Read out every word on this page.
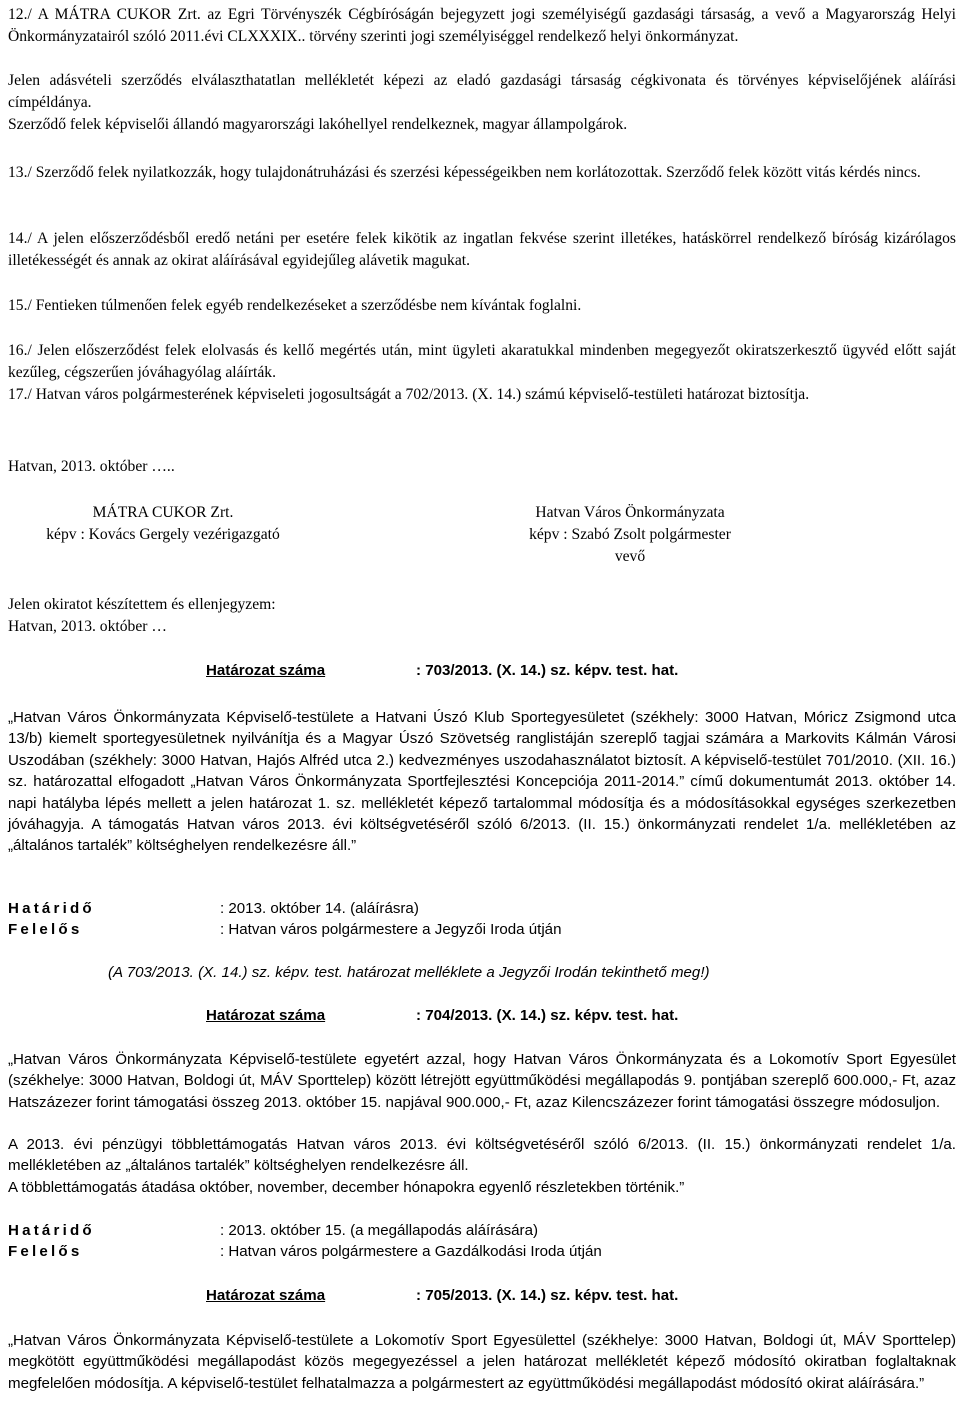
12./ A MÁTRA CUKOR Zrt. az Egri Törvényszék Cégbíróságán bejegyzett jogi személyiségű gazdasági társaság, a vevő a Magyarország Helyi Önkormányzatairól szóló 2011.évi CLXXXIX.. törvény szerinti jogi személyiséggel rendelkező helyi önkormányzat.

Jelen adásvételi szerződés elválaszthatatlan mellékletét képezi az eladó gazdasági társaság cégkivonata és törvényes képviselőjének aláírási címpéldánya.

Szerződő felek képviselői állandó magyarországi lakóhellyel rendelkeznek, magyar állampolgárok.

13./ Szerződő felek nyilatkozzák, hogy tulajdonátruházási és szerzési képességeikben nem korlátozottak. Szerződő felek között vitás kérdés nincs.

14./ A jelen előszerződésből eredő netáni per esetére felek kikötik az ingatlan fekvése szerint illetékes, hatáskörrel rendelkező bíróság kizárólagos illetékességét és annak az okirat aláírásával egyidejűleg alávetik magukat.

15./ Fentieken túlmenően felek egyéb rendelkezéseket a szerződésbe nem kívántak foglalni.

16./ Jelen előszerződést felek elolvasás és kellő megértés után, mint ügyleti akaratukkal mindenben megegyezőt okiratszerkesztő ügyvéd előtt saját kezűleg, cégszerűen jóváhagyólag aláírták.

17./ Hatvan város polgármesterének képviseleti jogosultságát a 702/2013. (X. 14.) számú képviselő-testületi határozat biztosítja.

Hatvan, 2013. október …..

MÁTRA CUKOR Zrt.
képv : Kovács Gergely vezérigazgató
Hatvan Város Önkormányzata
képv : Szabó Zsolt polgármester
vevő

Jelen okiratot készítettem és ellenjegyzem:

Hatvan, 2013. október …

Határozat száma	: 703/2013. (X. 14.) sz. képv. test. hat.

„Hatvan Város Önkormányzata Képviselő-testülete a Hatvani Úszó Klub Sportegyesületet (székhely: 3000 Hatvan, Móricz Zsigmond utca 13/b) kiemelt sportegyesületnek nyilvánítja és a Magyar Úszó Szövetség ranglistáján szereplő tagjai számára a Markovits Kálmán Városi Uszodában (székhely: 3000 Hatvan, Hajós Alfréd utca 2.) kedvezményes uszodahasználatot biztosít. A képviselő-testület 701/2010. (XII. 16.) sz. határozattal elfogadott „Hatvan Város Önkormányzata Sportfejlesztési Koncepciója 2011-2014.” című dokumentumát 2013. október 14. napi hatályba lépés mellett a jelen határozat 1. sz. mellékletét képező tartalommal módosítja és a módosításokkal egységes szerkezetben jóváhagyja. A támogatás Hatvan város 2013. évi költségvetéséről szóló 6/2013. (II. 15.) önkormányzati rendelet 1/a. mellékletében az „általános tartalék” költséghelyen rendelkezésre áll.”

Határidő	: 2013. október 14. (aláírásra)
Felelős	: Hatvan város polgármestere a Jegyzői Iroda útján
(A 703/2013. (X. 14.) sz. képv. test. határozat melléklete a Jegyzői Irodán tekinthető meg!)
Határozat száma	: 704/2013. (X. 14.) sz. képv. test. hat.

„Hatvan Város Önkormányzata Képviselő-testülete egyetért azzal, hogy Hatvan Város Önkormányzata és a Lokomotív Sport Egyesület (székhelye: 3000 Hatvan, Boldogi út, MÁV Sporttelep) között létrejött együttműködési megállapodás 9. pontjában szereplő 600.000,- Ft, azaz Hatszázezer forint támogatási összeg 2013. október 15. napjával 900.000,- Ft, azaz Kilencszázezer forint támogatási összegre módosuljon.

A 2013. évi pénzügyi többlettámogatás Hatvan város 2013. évi költségvetéséről szóló 6/2013. (II. 15.) önkormányzati rendelet 1/a. mellékletében az „általános tartalék” költséghelyen rendelkezésre áll.

A többlettámogatás átadása október, november, december hónapokra egyenlő részletekben történik.”

Határidő	: 2013. október 15. (a megállapodás aláírására)
Felelős	: Hatvan város polgármestere a Gazdálkodási Iroda útján
Határozat száma	: 705/2013. (X. 14.) sz. képv. test. hat.

„Hatvan Város Önkormányzata Képviselő-testülete a Lokomotív Sport Egyesülettel (székhelye: 3000 Hatvan, Boldogi út, MÁV Sporttelep) megkötött együttműködési megállapodást közös megegyezéssel a jelen határozat mellékletét képező módosító okiratban foglaltaknak megfelelően módosítja. A képviselő-testület felhatalmazza a polgármestert az együttműködési megállapodást módosító okirat aláírására.”
